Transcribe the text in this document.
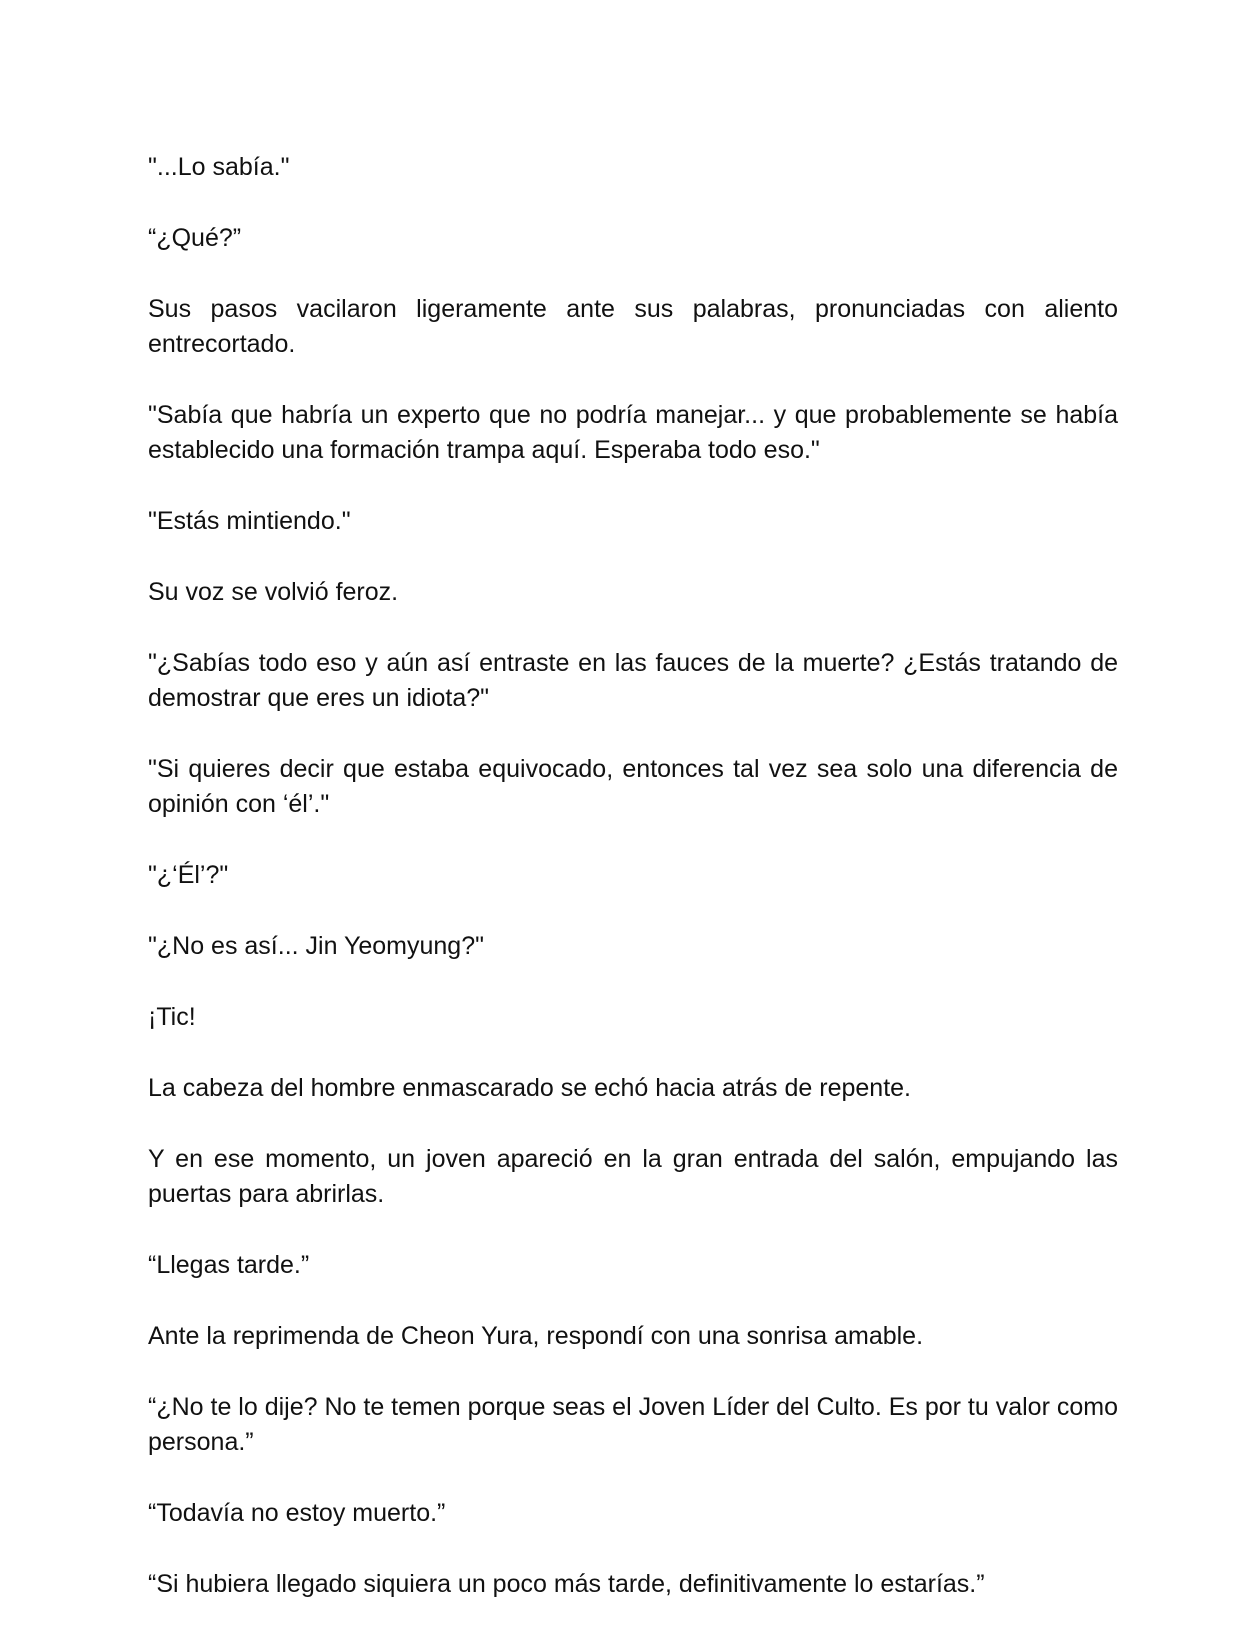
"...Lo sabía."

“¿Qué?”

Sus pasos vacilaron ligeramente ante sus palabras, pronunciadas con aliento entrecortado.

"Sabía que habría un experto que no podría manejar... y que probablemente se había establecido una formación trampa aquí. Esperaba todo eso."

"Estás mintiendo."

Su voz se volvió feroz.

"¿Sabías todo eso y aún así entraste en las fauces de la muerte? ¿Estás tratando de demostrar que eres un idiota?"

"Si quieres decir que estaba equivocado, entonces tal vez sea solo una diferencia de opinión con ‘él’."

"¿‘Él’?"

"¿No es así... Jin Yeomyung?"

¡Tic!

La cabeza del hombre enmascarado se echó hacia atrás de repente.

Y en ese momento, un joven apareció en la gran entrada del salón, empujando las puertas para abrirlas.

“Llegas tarde.”

Ante la reprimenda de Cheon Yura, respondí con una sonrisa amable.

“¿No te lo dije? No te temen porque seas el Joven Líder del Culto. Es por tu valor como persona.”

“Todavía no estoy muerto.”

“Si hubiera llegado siquiera un poco más tarde, definitivamente lo estarías.”
